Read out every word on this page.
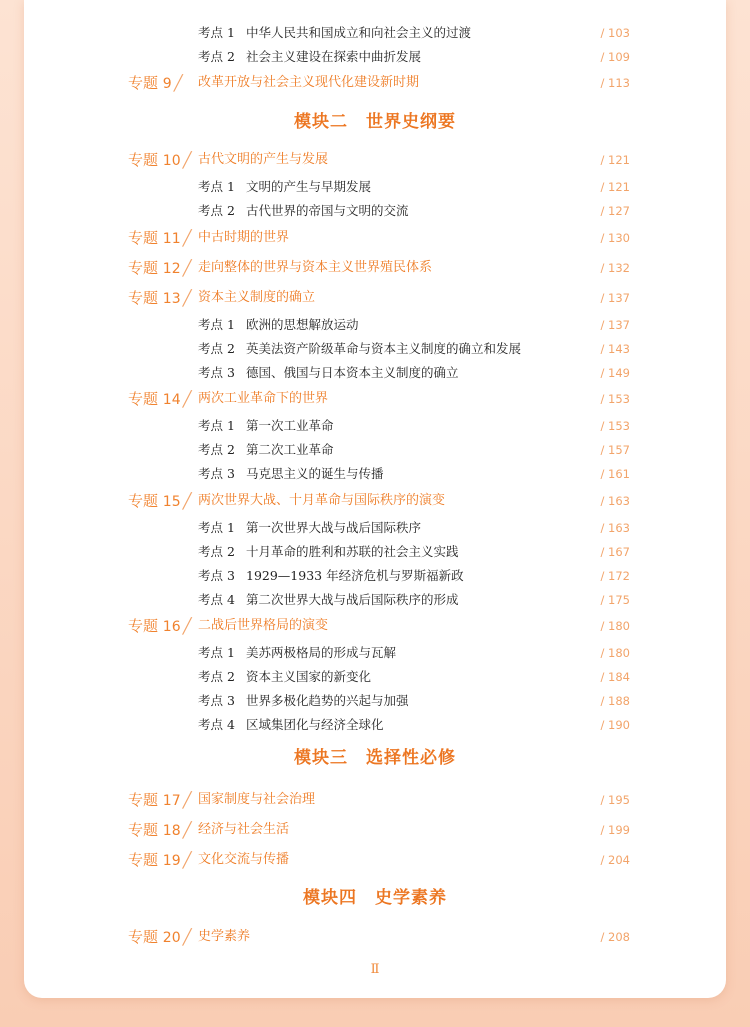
考点 1 中华人民共和国成立和向社会主义的过渡	/ 103
考点 2 社会主义建设在探索中曲折发展	/ 109
专题 9 ╱ 改革开放与社会主义现代化建设新时期	/ 113
模块二　世界史纲要
专题 10 ╱ 古代文明的产生与发展	/ 121
考点 1 文明的产生与早期发展	/ 121
考点 2 古代世界的帝国与文明的交流	/ 127
专题 11 ╱ 中古时期的世界	/ 130
专题 12 ╱ 走向整体的世界与资本主义世界殖民体系	/ 132
专题 13 ╱ 资本主义制度的确立	/ 137
考点 1 欧洲的思想解放运动	/ 137
考点 2 英美法资产阶级革命与资本主义制度的确立和发展	/ 143
考点 3 德国、俄国与日本资本主义制度的确立	/ 149
专题 14 ╱ 两次工业革命下的世界	/ 153
考点 1 第一次工业革命	/ 153
考点 2 第二次工业革命	/ 157
考点 3 马克思主义的诞生与传播	/ 161
专题 15 ╱ 两次世界大战、十月革命与国际秩序的演变	/ 163
考点 1 第一次世界大战与战后国际秩序	/ 163
考点 2 十月革命的胜利和苏联的社会主义实践	/ 167
考点 3 1929—1933 年经济危机与罗斯福新政	/ 172
考点 4 第二次世界大战与战后国际秩序的形成	/ 175
专题 16 ╱ 二战后世界格局的演变	/ 180
考点 1 美苏两极格局的形成与瓦解	/ 180
考点 2 资本主义国家的新变化	/ 184
考点 3 世界多极化趋势的兴起与加强	/ 188
考点 4 区域集团化与经济全球化	/ 190
模块三　选择性必修
专题 17 ╱ 国家制度与社会治理	/ 195
专题 18 ╱ 经济与社会生活	/ 199
专题 19 ╱ 文化交流与传播	/ 204
模块四　史学素养
专题 20 ╱ 史学素养	/ 208
Ⅱ
